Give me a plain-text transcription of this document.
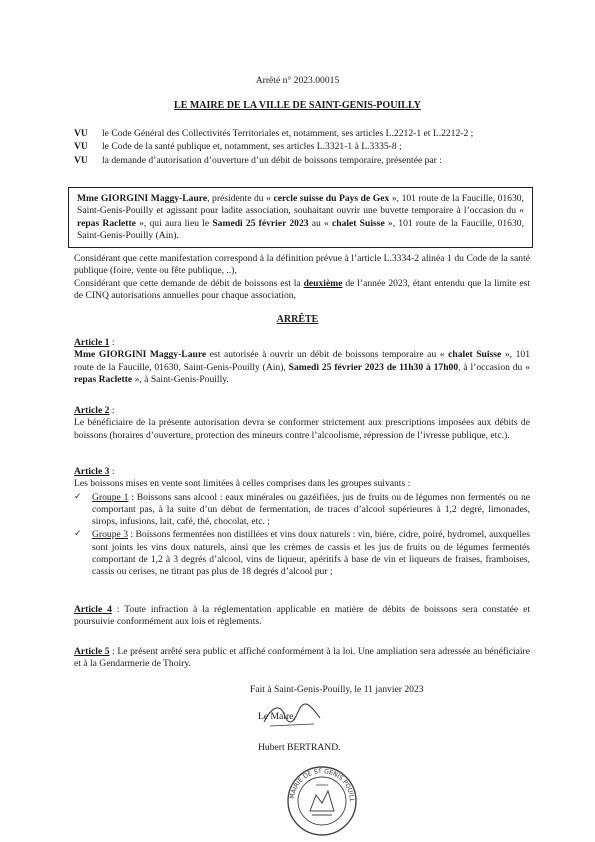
Arrêté n° 2023.00015
LE MAIRE DE LA VILLE DE SAINT-GENIS-POUILLY
VU	le Code Général des Collectivités Territoriales et, notamment, ses articles L.2212-1 et L.2212-2 ;
VU	le Code de la santé publique et, notamment, ses articles L.3321-1 à L.3335-8 ;
VU	la demande d’autorisation d’ouverture d’un débit de boissons temporaire, présentée par :
Mme GIORGINI Maggy-Laure, présidente du « cercle suisse du Pays de Gex », 101 route de la Faucille, 01630, Saint-Genis-Pouilly et agissant pour ladite association, souhaitant ouvrir une buvette temporaire à l’occasion du « repas Raclette », qui aura lieu le Samedi 25 février 2023 au « chalet Suisse », 101 route de la Faucille, 01630, Saint-Genis-Pouilly (Ain).
Considérant que cette manifestation correspond à la définition prévue à l’article L.3334-2 alinéa 1 du Code de la santé publique (foire, vente ou fête publique, ..),
Considérant que cette demande de débit de boissons est la deuxième de l’année 2023, étant entendu que la limite est de CINQ autorisations annuelles pour chaque association,
ARRÊTE
Article 1 :
Mme GIORGINI Maggy-Laure est autorisée à ouvrir un débit de boissons temporaire au « chalet Suisse », 101 route de la Faucille, 01630, Saint-Genis-Pouilly (Ain), Samedi 25 février 2023 de 11h30 à 17h00, à l’occasion du « repas Raclette », à Saint-Genis-Pouilly.
Article 2 :
Le bénéficiaire de la présente autorisation devra se conformer strictement aux prescriptions imposées aux débits de boissons (horaires d’ouverture, protection des mineurs contre l’alcoolisme, répression de l’ivresse publique, etc.).
Article 3 :
Les boissons mises en vente sont limitées à celles comprises dans les groupes suivants :
✓	Groupe 1 : Boissons sans alcool : eaux minérales ou gazéifiées, jus de fruits ou de légumes non fermentés ou ne comportant pas, à la suite d’un début de fermentation, de traces d’alcool supérieures à 1,2 degré, limonades, sirops, infusions, lait, café, thé, chocolat, etc. ;
✓	Groupe 3 : Boissons fermentées non distillées et vins doux naturels : vin, bière, cidre, poiré, hydromel, auxquelles sont joints les vins doux naturels, ainsi que les crèmes de cassis et les jus de fruits ou de légumes fermentés comportant de 1,2 à 3 degrés d’alcool, vins de liqueur, apéritifs à base de vin et liqueurs de fraises, framboises, cassis ou cerises, ne titrant pas plus de 18 degrés d’alcool pur ;
Article 4 : Toute infraction à la réglementation applicable en matière de débits de boissons sera constatée et poursuivie conformément aux lois et règlements.
Article 5 : Le présent arrêté sera public et affiché conformément à la loi. Une ampliation sera adressée au bénéficiaire et à la Gendarmerie de Thoiry.
Fait à Saint-Genis-Pouilly, le 11 janvier 2023
Le Maire,
Hubert BERTRAND.
MAIRIE DE ST GENIS POUILL
